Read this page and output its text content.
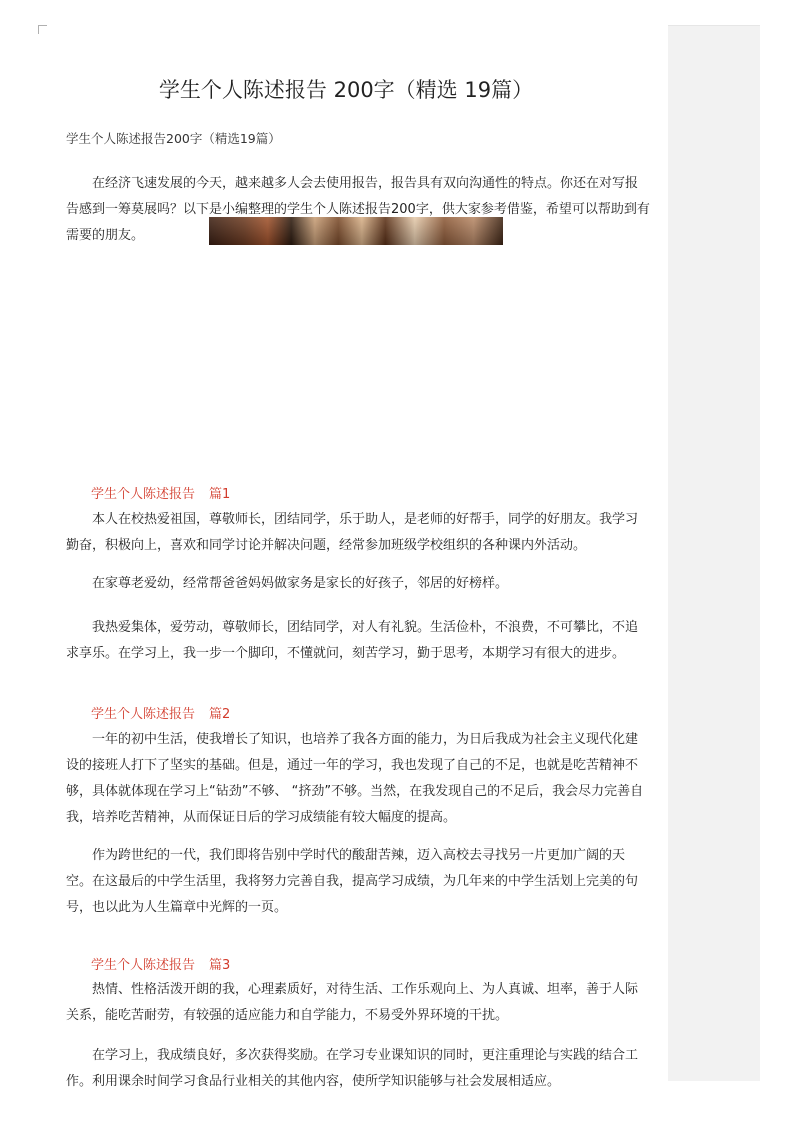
学生个人陈述报告 200字（精选 19篇）
学生个人陈述报告200字（精选19篇）

在经济飞速发展的今天，越来越多人会去使用报告，报告具有双向沟通性的特点。你还在对写报告感到一筹莫展吗？以下是小编整理的学生个人陈述报告200字，供大家参考借鉴，希望可以帮助到有需要的朋友。

学生个人陈述报告 篇1

本人在校热爱祖国，尊敬师长，团结同学，乐于助人，是老师的好帮手，同学的好朋友。我学习勤奋，积极向上，喜欢和同学讨论并解决问题，经常参加班级学校组织的各种课内外活动。

在家尊老爱幼，经常帮爸爸妈妈做家务是家长的好孩子，邻居的好榜样。

我热爱集体，爱劳动，尊敬师长，团结同学，对人有礼貌。生活俭朴，不浪费，不可攀比，不追求享乐。在学习上，我一步一个脚印，不懂就问，刻苦学习，勤于思考，本期学习有很大的进步。

学生个人陈述报告 篇2

一年的初中生活，使我增长了知识，也培养了我各方面的能力，为日后我成为社会主义现代化建设的接班人打下了坚实的基础。但是，通过一年的学习，我也发现了自己的不足，也就是吃苦精神不够，具体就体现在学习上“钻劲”不够、 “挤劲”不够。当然，在我发现自己的不足后，我会尽力完善自我，培养吃苦精神，从而保证日后的学习成绩能有较大幅度的提高。

作为跨世纪的一代，我们即将告别中学时代的酸甜苦辣，迈入高校去寻找另一片更加广阔的天空。在这最后的中学生活里，我将努力完善自我，提高学习成绩，为几年来的中学生活划上完美的句号，也以此为人生篇章中光辉的一页。

学生个人陈述报告 篇3

热情、性格活泼开朗的我，心理素质好，对待生活、工作乐观向上、为人真诚、坦率，善于人际关系，能吃苦耐劳，有较强的适应能力和自学能力，不易受外界环境的干扰。

在学习上，我成绩良好，多次获得奖励。在学习专业课知识的同时，更注重理论与实践的结合工作。利用课余时间学习食品行业相关的其他内容，使所学知识能够与社会发展相适应。
